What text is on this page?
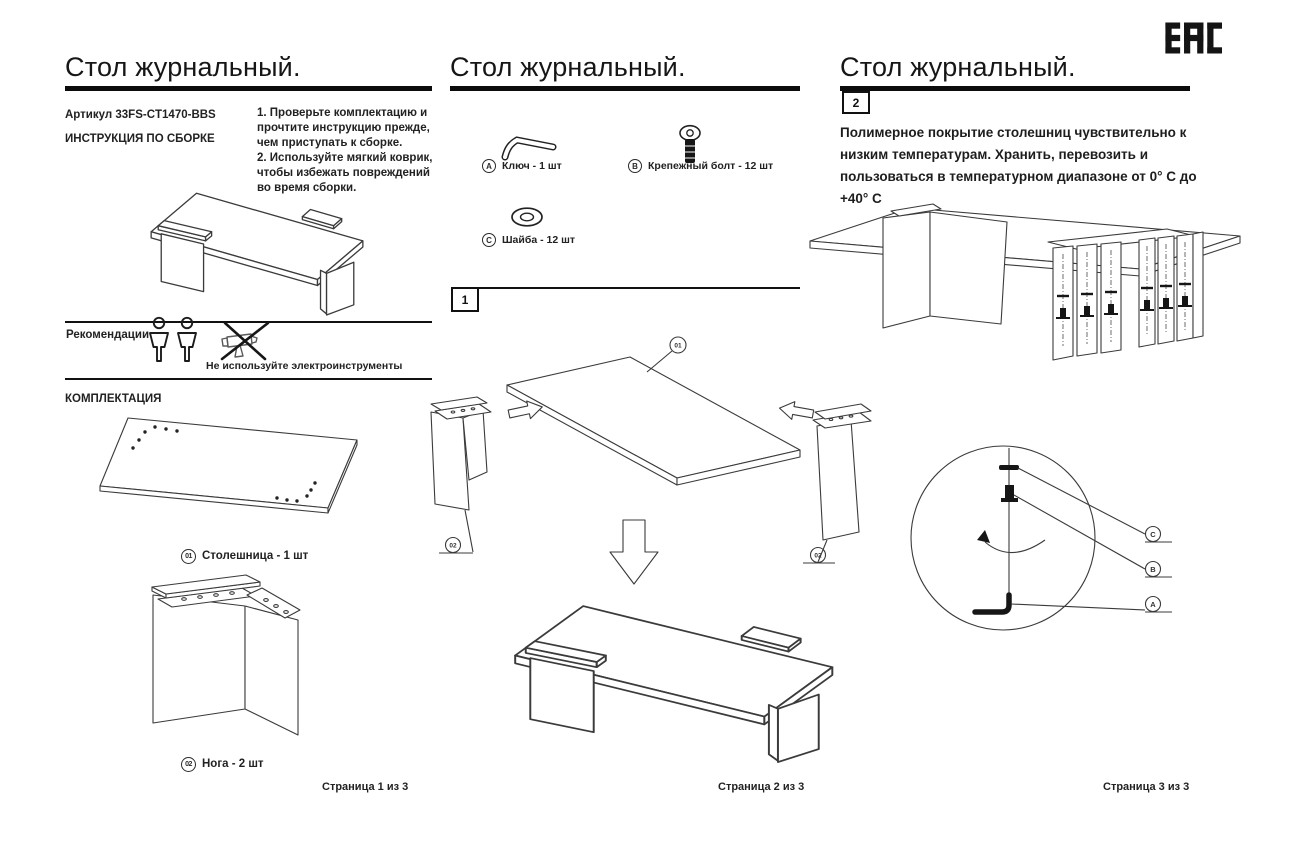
Стол журнальный.
Артикул 33FS-CT1470-BBS
ИНСТРУКЦИЯ ПО СБОРКЕ
1. Проверьте комплектацию и прочтите инструкцию прежде, чем приступать к сборке.
2. Используйте мягкий коврик, чтобы избежать повреждений во время сборки.
Рекомендации
Не используйте электроинструменты
КОМПЛЕКТАЦИЯ
01 Столешница - 1 шт
02 Нога - 2 шт
Страница 1 из 3
Стол журнальный.
A Ключ - 1 шт	B Крепежный болт - 12 шт
C Шайба - 12 шт
1
01
02
02
Страница 2 из 3
Стол журнальный.
2
Полимерное покрытие столешниц чувствительно к низким температурам. Хранить, перевозить и пользоваться в температурном диапазоне от 0° С до +40° С
C
B
A
Страница 3 из 3
